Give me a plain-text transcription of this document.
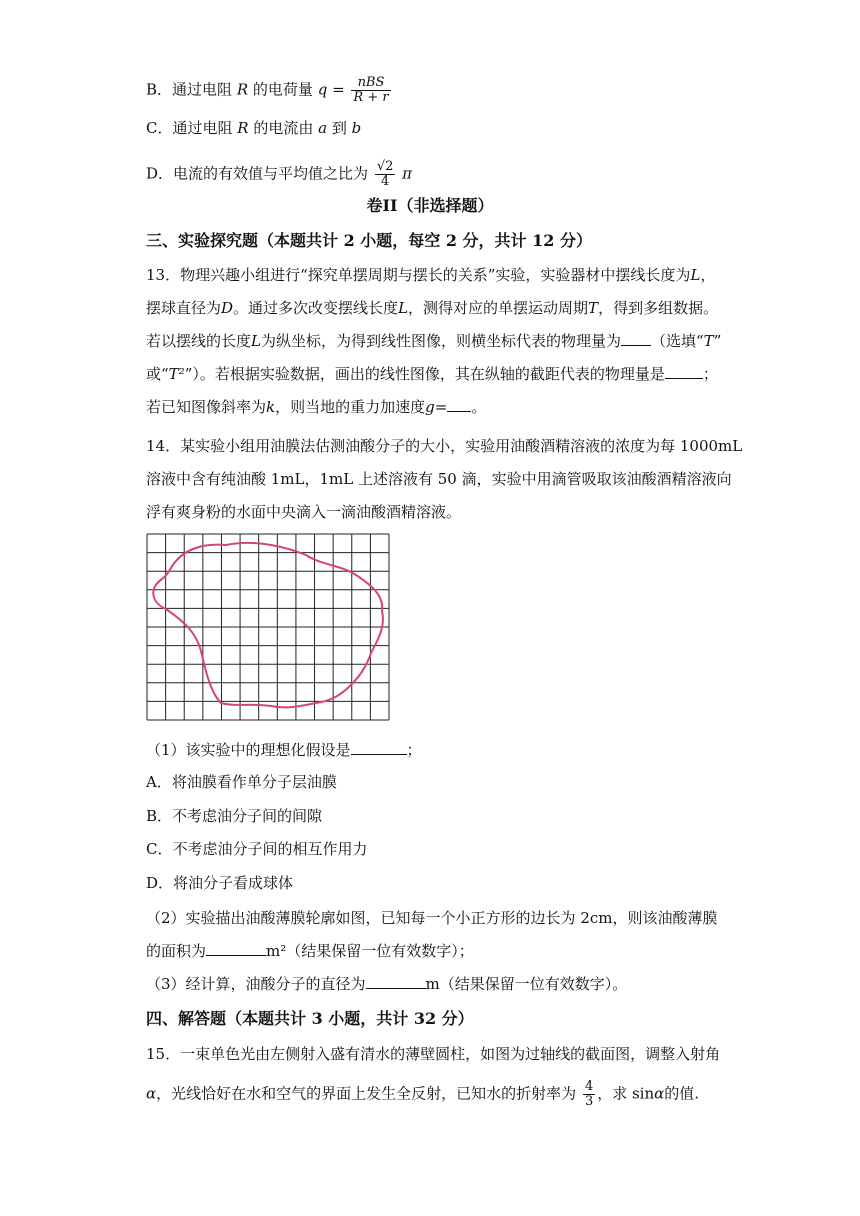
B．通过电阻 R 的电荷量 $q = \frac{\text{nBS}}{R + r}$
C．通过电阻 R 的电流由 a 到 b
D．电流的有效值与平均值之比为 $\frac{√2}{4}$ π
卷II（非选择题）
三、实验探究题（本题共计 2 小题，每空 2 分，共计 12 分）
13．物理兴趣小组进行“探究单摆周期与摆长的关系”实验，实验器材中摆线长度为L，
摆球直径为D。通过多次改变摆线长度L，测得对应的单摆运动周期T，得到多组数据。
若以摆线的长度L为纵坐标，为得到线性图像，则横坐标代表的物理量为 （选填“T”
或“T²”）。若根据实验数据，画出的线性图像，其在纵轴的截距代表的物理量是	；
若已知图像斜率为k，则当地的重力加速度g= 。
14．某实验小组用油膜法估测油酸分子的大小，实验用油酸酒精溶液的浓度为每 1000mL
溶液中含有纯油酸 1mL，1mL 上述溶液有 50 滴，实验中用滴管吸取该油酸酒精溶液向
浮有爽身粉的水面中央滴入一滴油酸酒精溶液。
（1）该实验中的理想化假设是	；
A．将油膜看作单分子层油膜
B．不考虑油分子间的间隙
C．不考虑油分子间的相互作用力
D．将油分子看成球体
（2）实验描出油酸薄膜轮廓如图，已知每一个小正方形的边长为 2cm，则该油酸薄膜
的面积为	m²（结果保留一位有效数字）；
（3）经计算，油酸分子的直径为	m（结果保留一位有效数字）。
四、解答题（本题共计 3 小题，共计 32 分）
15．一束单色光由左侧射入盛有清水的薄壁圆柱，如图为过轴线的截面图，调整入射角
α，光线恰好在水和空气的界面上发生全反射，已知水的折射率为 $\frac{4}{3}$ ，求 sinα的值.
